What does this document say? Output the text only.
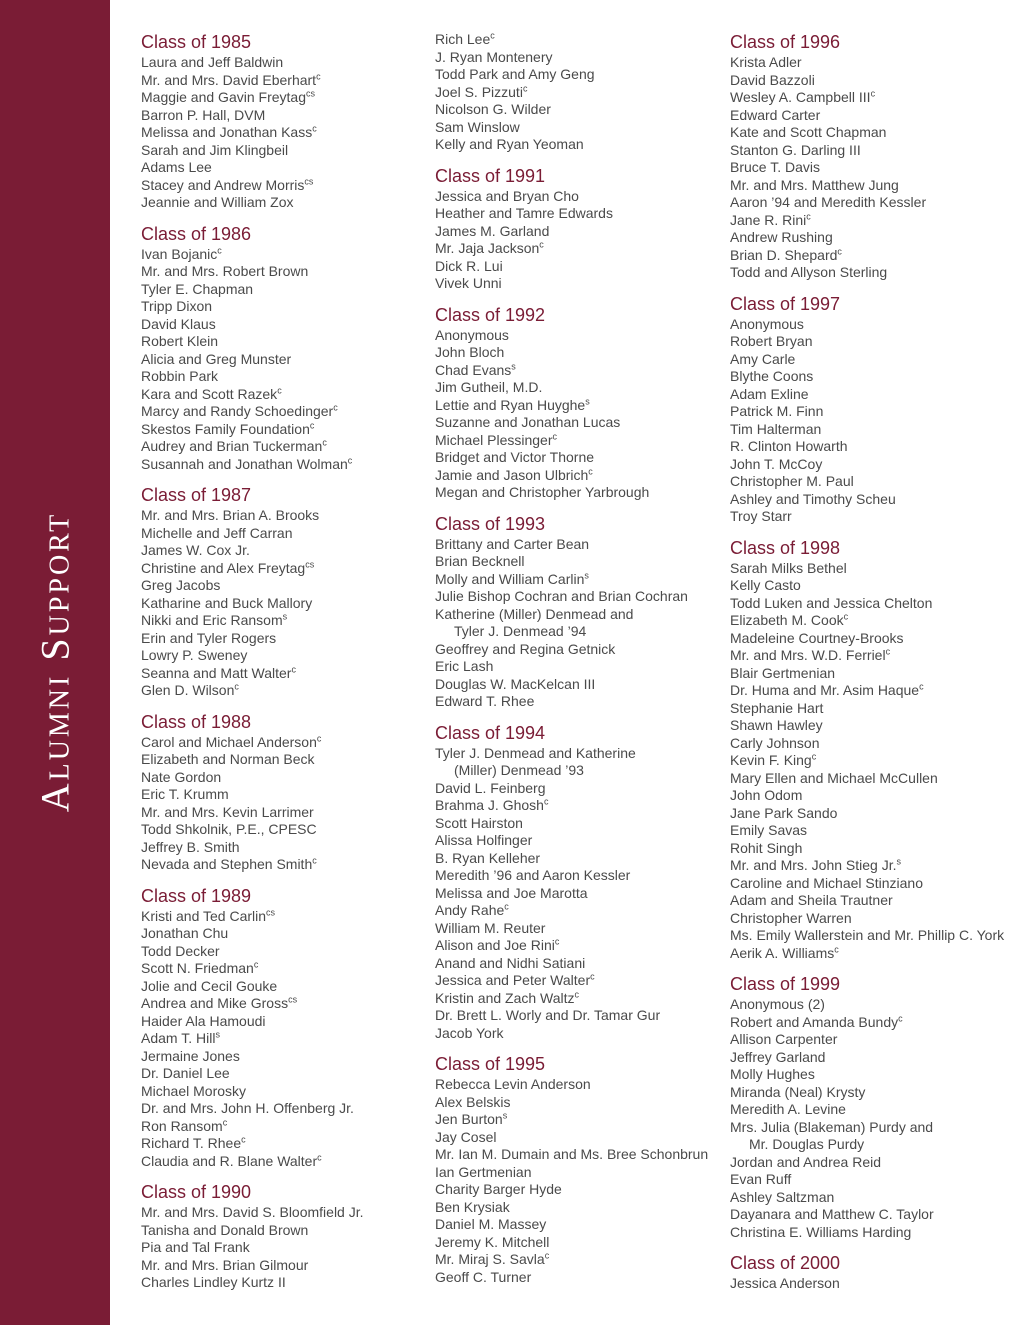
Alumni Support
Class of 1985
Laura and Jeff Baldwin
Mr. and Mrs. David Eberhart$^c$
Maggie and Gavin Freytag$^{cs}$
Barron P. Hall, DVM
Melissa and Jonathan Kass$^c$
Sarah and Jim Klingbeil
Adams Lee
Stacey and Andrew Morris$^{cs}$
Jeannie and William Zox
Class of 1986
Ivan Bojanic$^c$
Mr. and Mrs. Robert Brown
Tyler E. Chapman
Tripp Dixon
David Klaus
Robert Klein
Alicia and Greg Munster
Robbin Park
Kara and Scott Razek$^c$
Marcy and Randy Schoedinger$^c$
Skestos Family Foundation$^c$
Audrey and Brian Tuckerman$^c$
Susannah and Jonathan Wolman$^c$
Class of 1987
Mr. and Mrs. Brian A. Brooks
Michelle and Jeff Carran
James W. Cox Jr.
Christine and Alex Freytag$^{cs}$
Greg Jacobs
Katharine and Buck Mallory
Nikki and Eric Ransom$^s$
Erin and Tyler Rogers
Lowry P. Sweney
Seanna and Matt Walter$^c$
Glen D. Wilson$^c$
Class of 1988
Carol and Michael Anderson$^c$
Elizabeth and Norman Beck
Nate Gordon
Eric T. Krumm
Mr. and Mrs. Kevin Larrimer
Todd Shkolnik, P.E., CPESC
Jeffrey B. Smith
Nevada and Stephen Smith$^c$
Class of 1989
Kristi and Ted Carlin$^{cs}$
Jonathan Chu
Todd Decker
Scott N. Friedman$^c$
Jolie and Cecil Gouke
Andrea and Mike Gross$^{cs}$
Haider Ala Hamoudi
Adam T. Hill$^s$
Jermaine Jones
Dr. Daniel Lee
Michael Morosky
Dr. and Mrs. John H. Offenberg Jr.
Ron Ransom$^c$
Richard T. Rhee$^c$
Claudia and R. Blane Walter$^c$
Class of 1990
Mr. and Mrs. David S. Bloomfield Jr.
Tanisha and Donald Brown
Pia and Tal Frank
Mr. and Mrs. Brian Gilmour
Charles Lindley Kurtz II
Rich Lee$^c$
J. Ryan Montenery
Todd Park and Amy Geng
Joel S. Pizzuti$^c$
Nicolson G. Wilder
Sam Winslow
Kelly and Ryan Yeoman
Class of 1991
Jessica and Bryan Cho
Heather and Tamre Edwards
James M. Garland
Mr. Jaja Jackson$^c$
Dick R. Lui
Vivek Unni
Class of 1992
Anonymous
John Bloch
Chad Evans$^s$
Jim Gutheil, M.D.
Lettie and Ryan Huyghe$^s$
Suzanne and Jonathan Lucas
Michael Plessinger$^c$
Bridget and Victor Thorne
Jamie and Jason Ulbrich$^c$
Megan and Christopher Yarbrough
Class of 1993
Brittany and Carter Bean
Brian Becknell
Molly and William Carlin$^s$
Julie Bishop Cochran and Brian Cochran
Katherine (Miller) Denmead and
Tyler J. Denmead ’94
Geoffrey and Regina Getnick
Eric Lash
Douglas W. MacKelcan III
Edward T. Rhee
Class of 1994
Tyler J. Denmead and Katherine
(Miller) Denmead ’93
David L. Feinberg
Brahma J. Ghosh$^c$
Scott Hairston
Alissa Holfinger
B. Ryan Kelleher
Meredith ’96 and Aaron Kessler
Melissa and Joe Marotta
Andy Rahe$^c$
William M. Reuter
Alison and Joe Rini$^c$
Anand and Nidhi Satiani
Jessica and Peter Walter$^c$
Kristin and Zach Waltz$^c$
Dr. Brett L. Worly and Dr. Tamar Gur
Jacob York
Class of 1995
Rebecca Levin Anderson
Alex Belskis
Jen Burton$^s$
Jay Cosel
Mr. Ian M. Dumain and Ms. Bree Schonbrun
Ian Gertmenian
Charity Barger Hyde
Ben Krysiak
Daniel M. Massey
Jeremy K. Mitchell
Mr. Miraj S. Savla$^c$
Geoff C. Turner
Class of 1996
Krista Adler
David Bazzoli
Wesley A. Campbell III$^c$
Edward Carter
Kate and Scott Chapman
Stanton G. Darling III
Bruce T. Davis
Mr. and Mrs. Matthew Jung
Aaron ’94 and Meredith Kessler
Jane R. Rini$^c$
Andrew Rushing
Brian D. Shepard$^c$
Todd and Allyson Sterling
Class of 1997
Anonymous
Robert Bryan
Amy Carle
Blythe Coons
Adam Exline
Patrick M. Finn
Tim Halterman
R. Clinton Howarth
John T. McCoy
Christopher M. Paul
Ashley and Timothy Scheu
Troy Starr
Class of 1998
Sarah Milks Bethel
Kelly Casto
Todd Luken and Jessica Chelton
Elizabeth M. Cook$^c$
Madeleine Courtney-Brooks
Mr. and Mrs. W.D. Ferriel$^c$
Blair Gertmenian
Dr. Huma and Mr. Asim Haque$^c$
Stephanie Hart
Shawn Hawley
Carly Johnson
Kevin F. King$^c$
Mary Ellen and Michael McCullen
John Odom
Jane Park Sando
Emily Savas
Rohit Singh
Mr. and Mrs. John Stieg Jr.$^s$
Caroline and Michael Stinziano
Adam and Sheila Trautner
Christopher Warren
Ms. Emily Wallerstein and Mr. Phillip C. York
Aerik A. Williams$^c$
Class of 1999
Anonymous (2)
Robert and Amanda Bundy$^c$
Allison Carpenter
Jeffrey Garland
Molly Hughes
Miranda (Neal) Krysty
Meredith A. Levine
Mrs. Julia (Blakeman) Purdy and
Mr. Douglas Purdy
Jordan and Andrea Reid
Evan Ruff
Ashley Saltzman
Dayanara and Matthew C. Taylor
Christina E. Williams Harding
Class of 2000
Jessica Anderson
